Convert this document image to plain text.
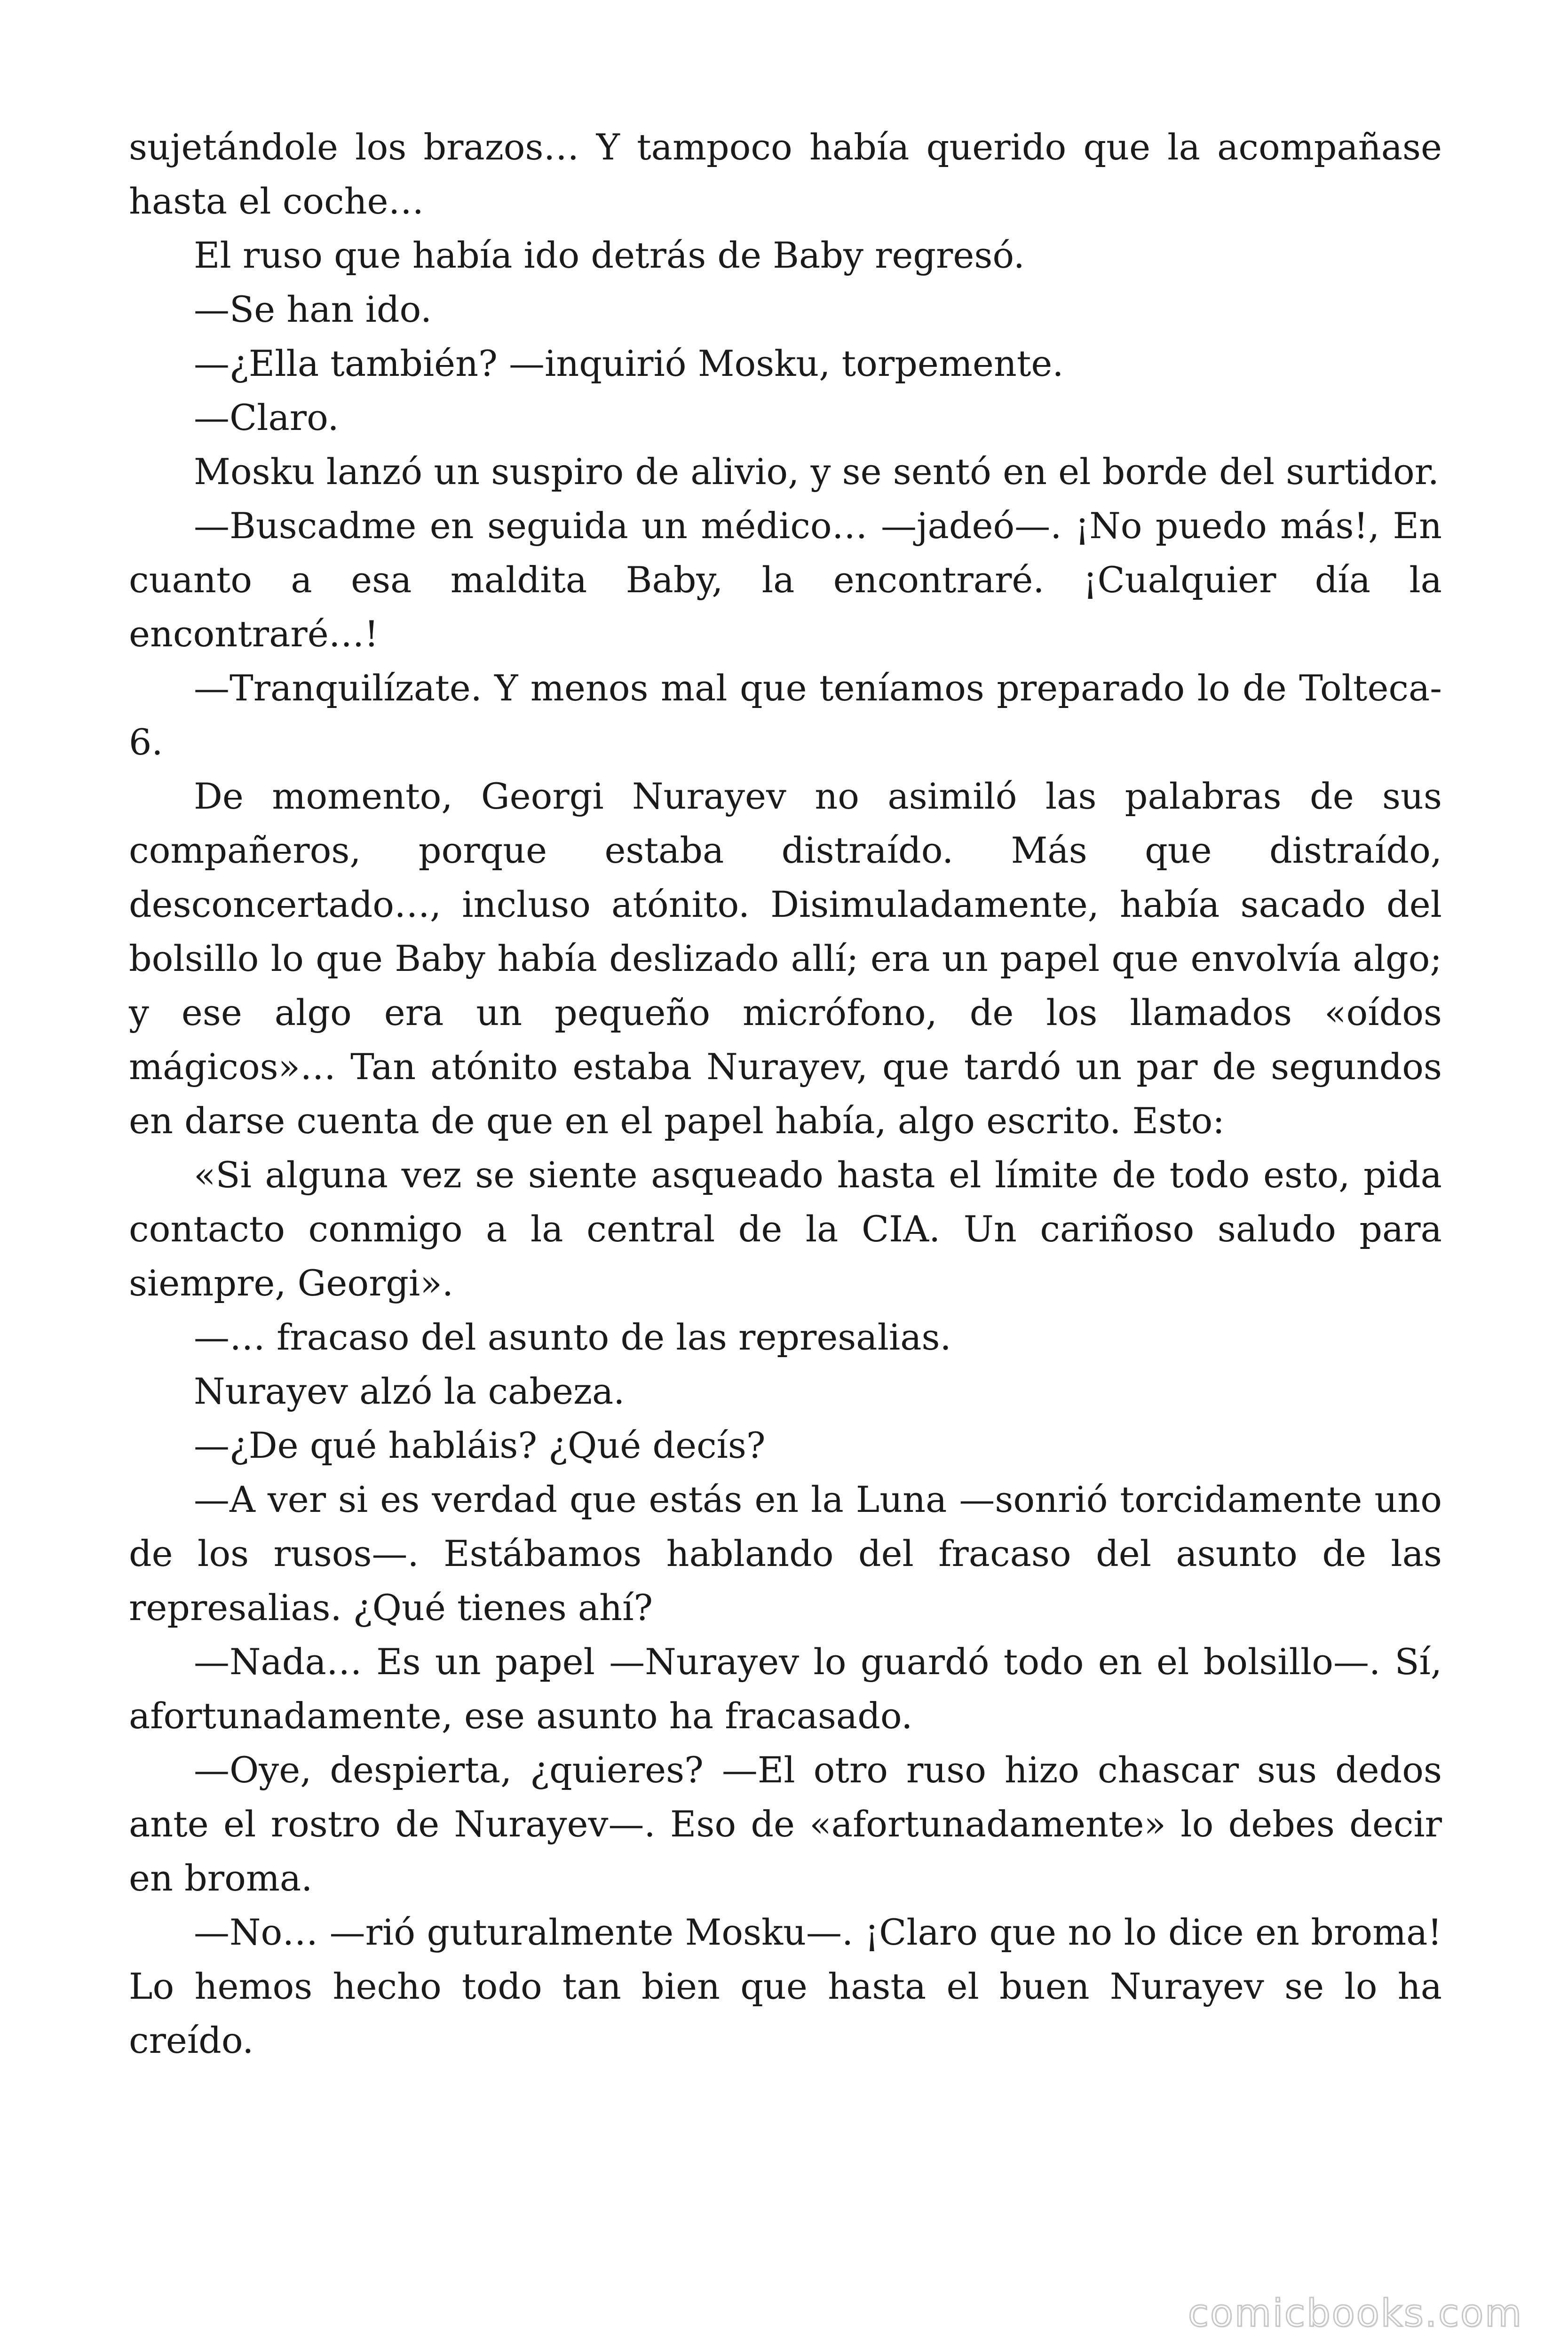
sujetándole los brazos… Y tampoco había querido que la acompañase hasta el coche…

El ruso que había ido detrás de Baby regresó.

—Se han ido.

—¿Ella también? —inquirió Mosku, torpemente.

—Claro.

Mosku lanzó un suspiro de alivio, y se sentó en el borde del surtidor.

—Buscadme en seguida un médico… —jadeó—. ¡No puedo más!, En cuanto a esa maldita Baby, la encontraré. ¡Cualquier día la encontraré…!

—Tranquilízate. Y menos mal que teníamos preparado lo de Tolteca-6.

De momento, Georgi Nurayev no asimiló las palabras de sus compañeros, porque estaba distraído. Más que distraído, desconcertado…, incluso atónito. Disimuladamente, había sacado del bolsillo lo que Baby había deslizado allí; era un papel que envolvía algo; y ese algo era un pequeño micrófono, de los llamados «oídos mágicos»… Tan atónito estaba Nurayev, que tardó un par de segundos en darse cuenta de que en el papel había, algo escrito. Esto:

«Si alguna vez se siente asqueado hasta el límite de todo esto, pida contacto conmigo a la central de la CIA. Un cariñoso saludo para siempre, Georgi».

—… fracaso del asunto de las represalias.

Nurayev alzó la cabeza.

—¿De qué habláis? ¿Qué decís?

—A ver si es verdad que estás en la Luna —sonrió torcidamente uno de los rusos—. Estábamos hablando del fracaso del asunto de las represalias. ¿Qué tienes ahí?

—Nada… Es un papel —Nurayev lo guardó todo en el bolsillo—. Sí, afortunadamente, ese asunto ha fracasado.

—Oye, despierta, ¿quieres? —El otro ruso hizo chascar sus dedos ante el rostro de Nurayev—. Eso de «afortunadamente» lo debes decir en broma.

—No… —rió guturalmente Mosku—. ¡Claro que no lo dice en broma! Lo hemos hecho todo tan bien que hasta el buen Nurayev se lo ha creído.

comicbooks.com
